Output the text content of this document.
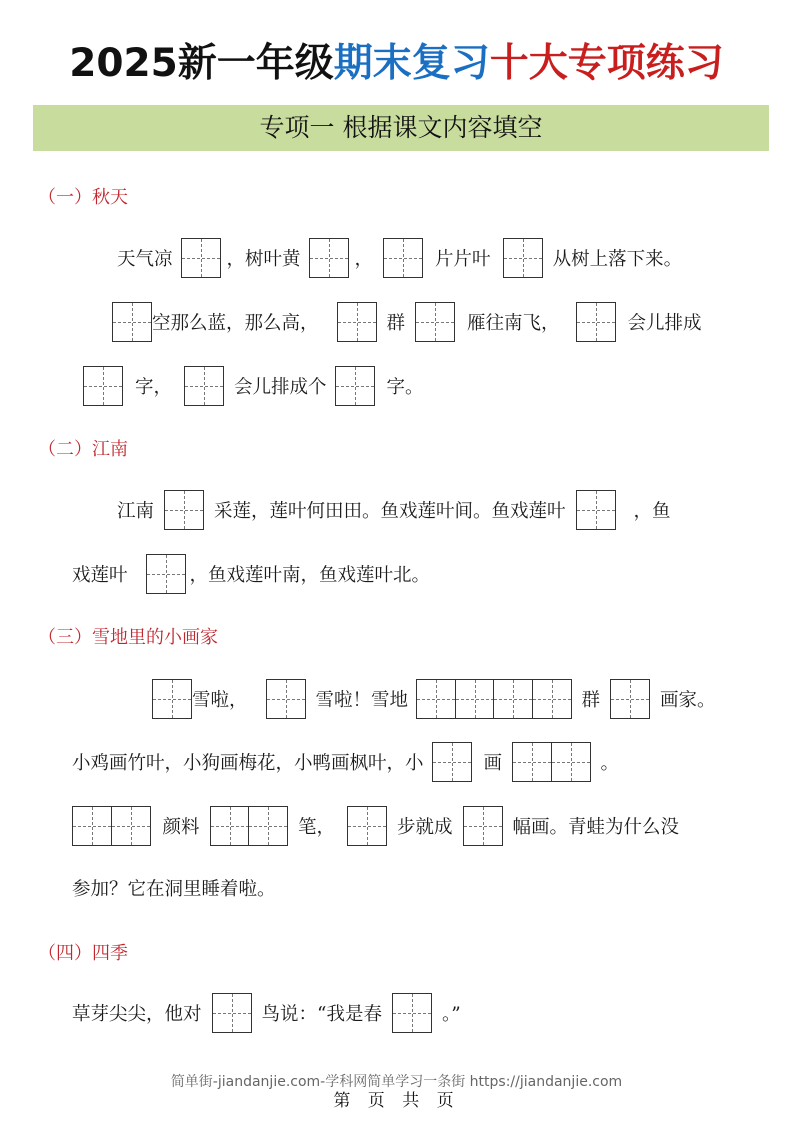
2025新一年级期末复习十大专项练习
专项一 根据课文内容填空
（一）秋天
天气凉	，树叶黄	，	片片叶	从树上落下来。
空那么蓝，那么高，	群	雁往南飞，	会儿排成
字，	会儿排成个	字。
（二）江南
江南	采莲，莲叶何田田。鱼戏莲叶间。鱼戏莲叶	，鱼
戏莲叶	，鱼戏莲叶南，鱼戏莲叶北。
（三）雪地里的小画家
雪啦，	雪啦！雪地	群	画家。
小鸡画竹叶，小狗画梅花，小鸭画枫叶，小	画	。
颜料	笔，	步就成	幅画。青蛙为什么没
参加？它在洞里睡着啦。
（四）四季
草芽尖尖，他对	鸟说：“我是春	。”
简单街-jiandanjie.com-学科网简单学习一条街 https://jiandanjie.com
第 页 共 页
